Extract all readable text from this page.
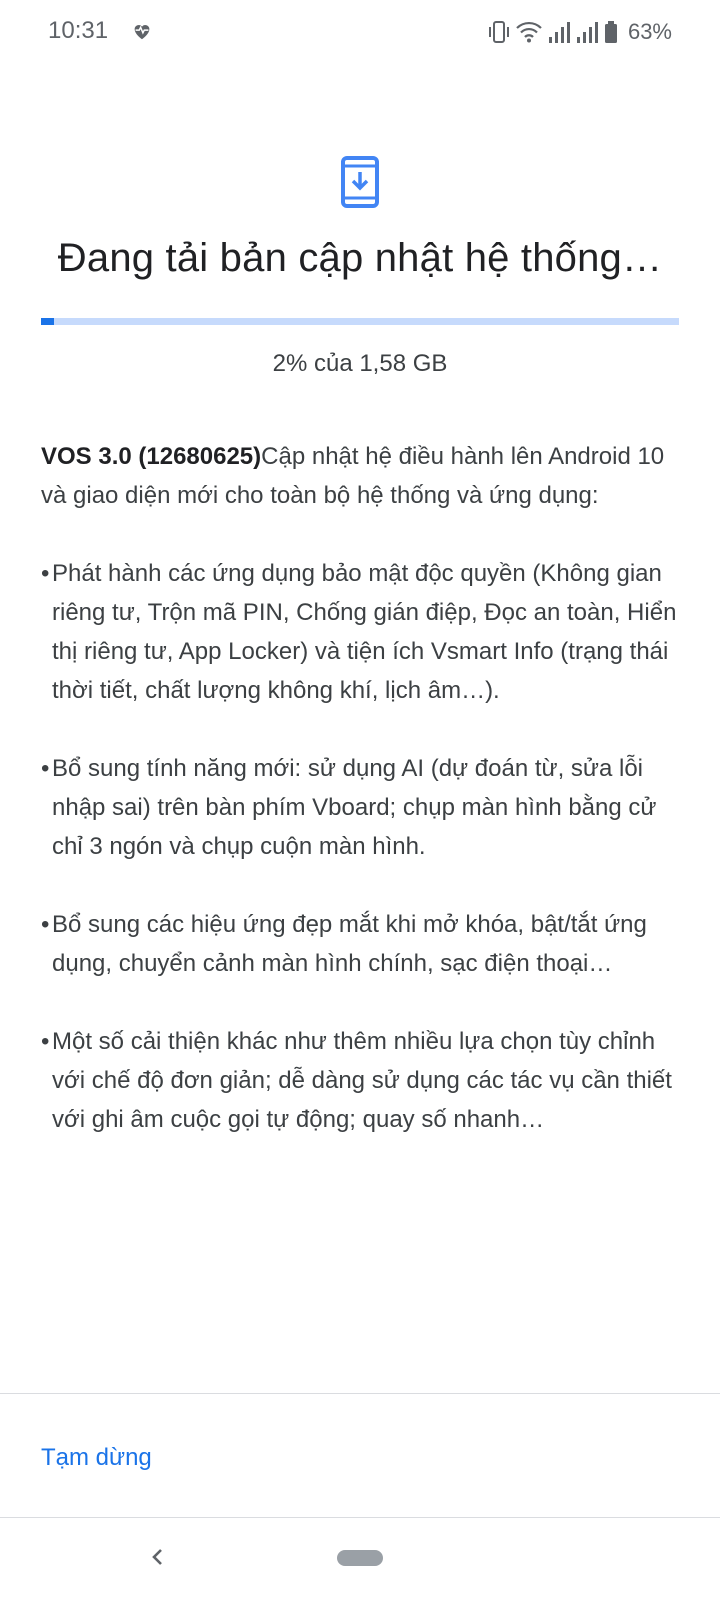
10:31	63%
Đang tải bản cập nhật hệ thống…
2% của 1,58 GB

VOS 3.0 (12680625)Cập nhật hệ điều hành lên Android 10 và giao diện mới cho toàn bộ hệ thống và ứng dụng:

• Phát hành các ứng dụng bảo mật độc quyền (Không gian riêng tư, Trộn mã PIN, Chống gián điệp, Đọc an toàn, Hiển thị riêng tư, App Locker) và tiện ích Vsmart Info (trạng thái thời tiết, chất lượng không khí, lịch âm…).
• Bổ sung tính năng mới: sử dụng AI (dự đoán từ, sửa lỗi nhập sai) trên bàn phím Vboard; chụp màn hình bằng cử chỉ 3 ngón và chụp cuộn màn hình.
• Bổ sung các hiệu ứng đẹp mắt khi mở khóa, bật/tắt ứng dụng, chuyển cảnh màn hình chính, sạc điện thoại…
• Một số cải thiện khác như thêm nhiều lựa chọn tùy chỉnh với chế độ đơn giản; dễ dàng sử dụng các tác vụ cần thiết với ghi âm cuộc gọi tự động; quay số nhanh…
Tạm dừng
